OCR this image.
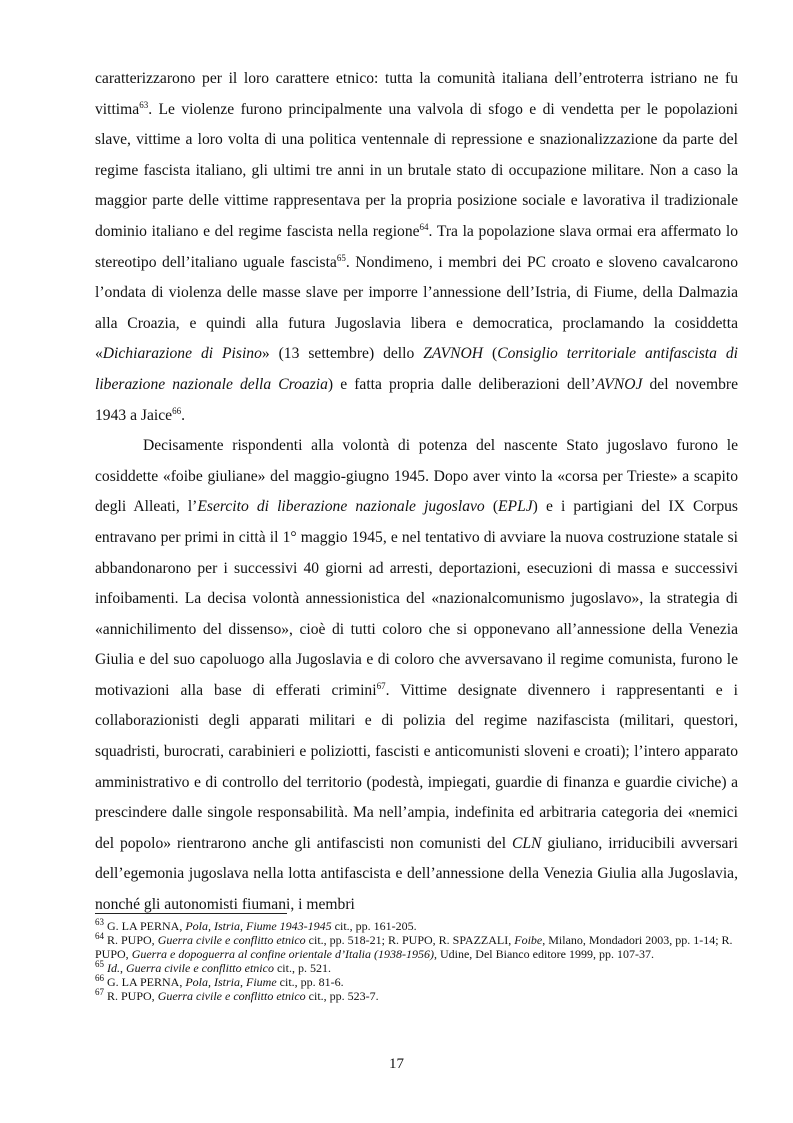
caratterizzarono per il loro carattere etnico: tutta la comunità italiana dell’entroterra istriano ne fu vittima$^{63}$. Le violenze furono principalmente una valvola di sfogo e di vendetta per le popolazioni slave, vittime a loro volta di una politica ventennale di repressione e snazionalizzazione da parte del regime fascista italiano, gli ultimi tre anni in un brutale stato di occupazione militare. Non a caso la maggior parte delle vittime rappresentava per la propria posizione sociale e lavorativa il tradizionale dominio italiano e del regime fascista nella regione$^{64}$. Tra la popolazione slava ormai era affermato lo stereotipo dell’italiano uguale fascista$^{65}$. Nondimeno, i membri dei PC croato e sloveno cavalcarono l’ondata di violenza delle masse slave per imporre l’annessione dell’Istria, di Fiume, della Dalmazia alla Croazia, e quindi alla futura Jugoslavia libera e democratica, proclamando la cosiddetta «Dichiarazione di Pisino» (13 settembre) dello ZAVNOH (Consiglio territoriale antifascista di liberazione nazionale della Croazia) e fatta propria dalle deliberazioni dell’AVNOJ del novembre 1943 a Jaice$^{66}$.

Decisamente rispondenti alla volontà di potenza del nascente Stato jugoslavo furono le cosiddette «foibe giuliane» del maggio-giugno 1945. Dopo aver vinto la «corsa per Trieste» a scapito degli Alleati, l’Esercito di liberazione nazionale jugoslavo (EPLJ) e i partigiani del IX Corpus entravano per primi in città il 1° maggio 1945, e nel tentativo di avviare la nuova costruzione statale si abbandonarono per i successivi 40 giorni ad arresti, deportazioni, esecuzioni di massa e successivi infoibamenti. La decisa volontà annessionistica del «nazionalcomunismo jugoslavo», la strategia di «annichilimento del dissenso», cioè di tutti coloro che si opponevano all’annessione della Venezia Giulia e del suo capoluogo alla Jugoslavia e di coloro che avversavano il regime comunista, furono le motivazioni alla base di efferati crimini$^{67}$. Vittime designate divennero i rappresentanti e i collaborazionisti degli apparati militari e di polizia del regime nazifascista (militari, questori, squadristi, burocrati, carabinieri e poliziotti, fascisti e anticomunisti sloveni e croati); l’intero apparato amministrativo e di controllo del territorio (podestà, impiegati, guardie di finanza e guardie civiche) a prescindere dalle singole responsabilità. Ma nell’ampia, indefinita ed arbitraria categoria dei «nemici del popolo» rientrarono anche gli antifascisti non comunisti del CLN giuliano, irriducibili avversari dell’egemonia jugoslava nella lotta antifascista e dell’annessione della Venezia Giulia alla Jugoslavia, nonché gli autonomisti fiumani, i membri

$^{63}$ G. LA PERNA, Pola, Istria, Fiume 1943-1945 cit., pp. 161-205.
$^{64}$ R. PUPO, Guerra civile e conflitto etnico cit., pp. 518-21; R. PUPO, R. SPAZZALI, Foibe, Milano, Mondadori 2003, pp. 1-14; R. PUPO, Guerra e dopoguerra al confine orientale d’Italia (1938-1956), Udine, Del Bianco editore 1999, pp. 107-37.
$^{65}$ Id., Guerra civile e conflitto etnico cit., p. 521.
$^{66}$ G. LA PERNA, Pola, Istria, Fiume cit., pp. 81-6.
$^{67}$ R. PUPO, Guerra civile e conflitto etnico cit., pp. 523-7.
17
